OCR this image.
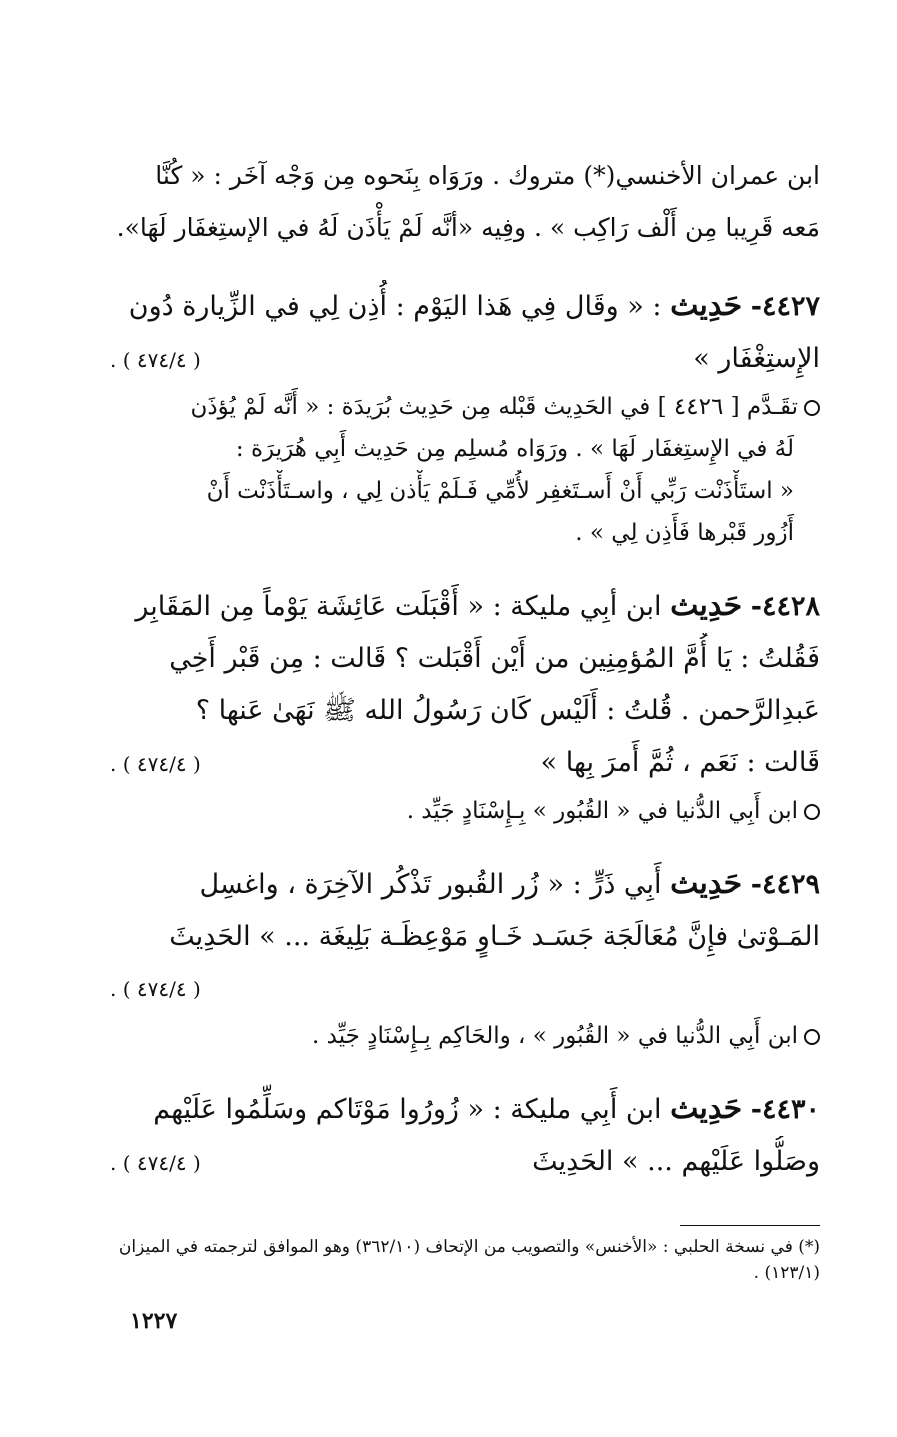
ابن عمران الأخنسي(*) متروك . ورَوَاه بِنَحوه مِن وَجْه آخَر : « كُنَّا
مَعه قَرِيبا مِن أَلْف رَاكِب » . وفِيه «أنَّه لَمْ يَأْذَن لَهُ في الإستِغفَار لَهَا».
٤٤٢٧- حَدِيث : « وقَال فِي هَذا اليَوْم : أُذِن لِي في الزِّيارة دُون
الإِستِغْفَار »
( ٤٧٤/٤ ) .
تقَـدَّم [ ٤٤٢٦ ] في الحَدِيث قَبْله مِن حَدِيث بُرَيدَة : « أَنَّه لَمْ يُؤذَن
لَهُ في الإِستِغفَار لَهَا » . ورَوَاه مُسلِم مِن حَدِيث أَبِي هُرَيرَة :
« استَأْذَنْت رَبِّي أَنْ أَسـتَغفِر لأُمِّي فَـلَمْ يَأْذن لِي ، واسـتَأْذَنْت أَنْ
أَزُور قَبْرها فَأَذِن لِي » .
٤٤٢٨- حَدِيث ابن أبِي مليكة : « أَقْبَلَت عَائِشَة يَوْماً مِن المَقَابِر
فَقُلتُ : يَا أُمَّ المُؤمِنِين من أَيْن أَقْبَلت ؟ قَالت : مِن قَبْر أَخِي
عَبدِالرَّحمن . قُلتُ : أَلَيْس كَان رَسُولُ الله ﷺ نَهَىٰ عَنها ؟
قَالت : نَعَم ، ثُمَّ أَمرَ بِها »
( ٤٧٤/٤ ) .
ابن أَبِي الدُّنيا في « القُبُور » بِـإِسْنَادٍ جَيِّد .
٤٤٢٩- حَدِيث أَبِي ذَرٍّ : « زُر القُبور تَذْكُر الآخِرَة ، واغسِل
المَـوْتىٰ فإِنَّ مُعَالَجَة جَسَـد خَـاوٍ مَوْعِظَـة بَلِيغَة ... » الحَدِيثَ
( ٤٧٤/٤ ) .
ابن أَبِي الدُّنيا في « القُبُور » ، والحَاكِم بِـإِسْنَادٍ جَيِّد .
٤٤٣٠- حَدِيث ابن أَبِي مليكة : « زُورُوا مَوْتَاكم وسَلِّمُوا عَلَيْهم
وصَلُّوا عَلَيْهم ... » الحَدِيثَ
( ٤٧٤/٤ ) .
(*) في نسخة الحلبي : «الأخنس» والتصويب من الإتحاف (٣٦٢/١٠) وهو الموافق لترجمته في الميزان
(١٢٣/١) .
١٢٢٧
